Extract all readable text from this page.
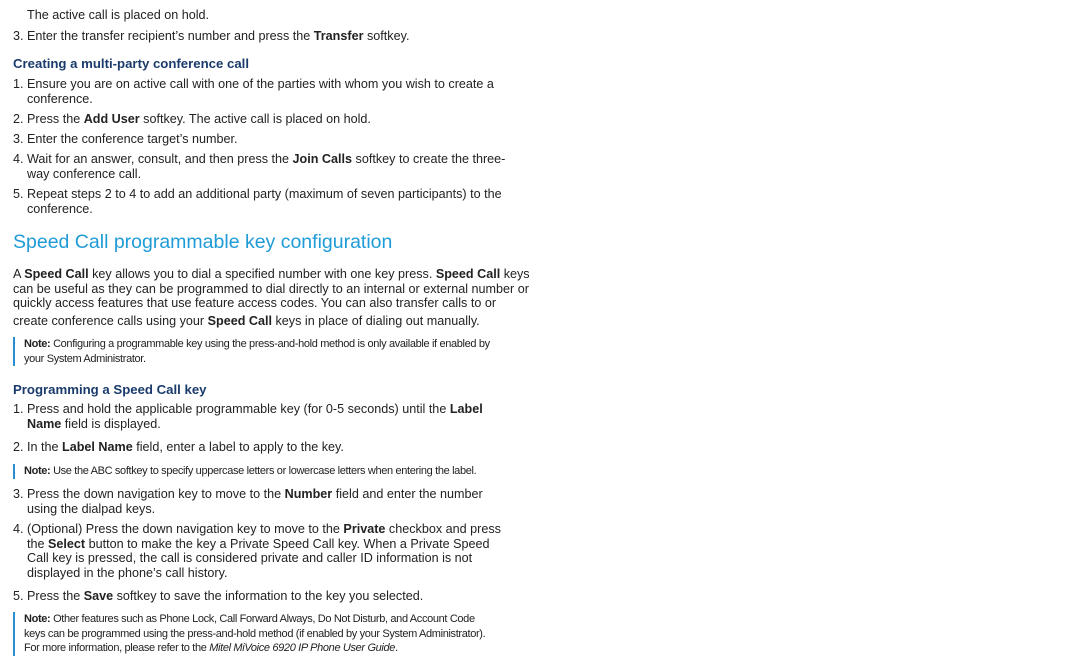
The active call is placed on hold.
3. Enter the transfer recipient’s number and press the Transfer softkey.
Creating a multi-party conference call
1. Ensure you are on active call with one of the parties with whom you wish to create a
conference.
2. Press the Add User softkey. The active call is placed on hold.
3. Enter the conference target’s number.
4. Wait for an answer, consult, and then press the Join Calls softkey to create the three-
way conference call.
5. Repeat steps 2 to 4 to add an additional party (maximum of seven participants) to the
conference.
Speed Call programmable key configuration
A Speed Call key allows you to dial a specified number with one key press. Speed Call keys
can be useful as they can be programmed to dial directly to an internal or external number or
quickly access features that use feature access codes. You can also transfer calls to or
create conference calls using your Speed Call keys in place of dialing out manually.
Note: Configuring a programmable key using the press-and-hold method is only available if enabled by
your System Administrator.
Programming a Speed Call key
1. Press and hold the applicable programmable key (for 0-5 seconds) until the Label
Name field is displayed.
2. In the Label Name field, enter a label to apply to the key.
Note: Use the ABC softkey to specify uppercase letters or lowercase letters when entering the label.
3. Press the down navigation key to move to the Number field and enter the number
using the dialpad keys.
4. (Optional) Press the down navigation key to move to the Private checkbox and press
the Select button to make the key a Private Speed Call key. When a Private Speed
Call key is pressed, the call is considered private and caller ID information is not
displayed in the phone’s call history.
5. Press the Save softkey to save the information to the key you selected.
Note: Other features such as Phone Lock, Call Forward Always, Do Not Disturb, and Account Code
keys can be programmed using the press-and-hold method (if enabled by your System Administrator).
For more information, please refer to the Mitel MiVoice 6920 IP Phone User Guide.
